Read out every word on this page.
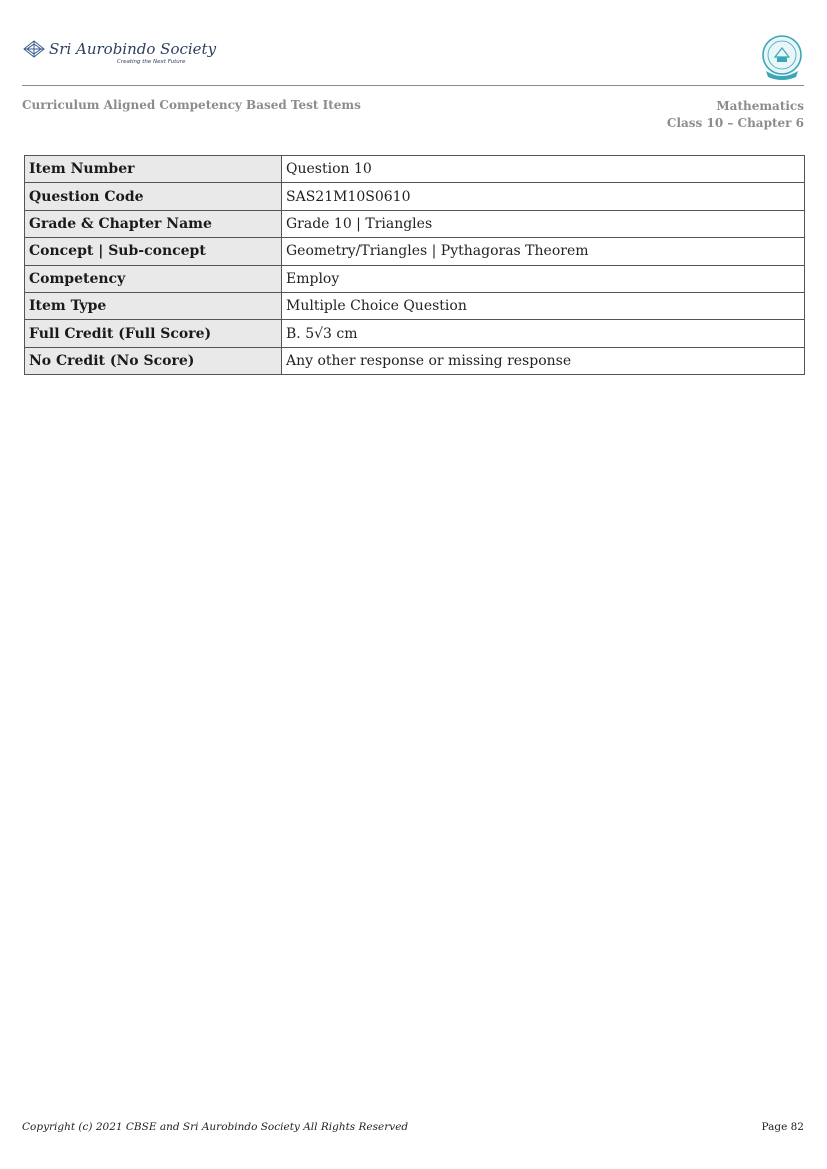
Sri Aurobindo Society
Creating the Next Future
Curriculum Aligned Competency Based Test Items	Mathematics
Class 10 – Chapter 6
Item Number	Question 10
Question Code	SAS21M10S0610
Grade & Chapter Name	Grade 10 | Triangles
Concept | Sub-concept	Geometry/Triangles | Pythagoras Theorem
Competency	Employ
Item Type	Multiple Choice Question
Full Credit (Full Score)	B. 5√3 cm
No Credit (No Score)	Any other response or missing response
Copyright (c) 2021 CBSE and Sri Aurobindo Society All Rights Reserved	Page 82
